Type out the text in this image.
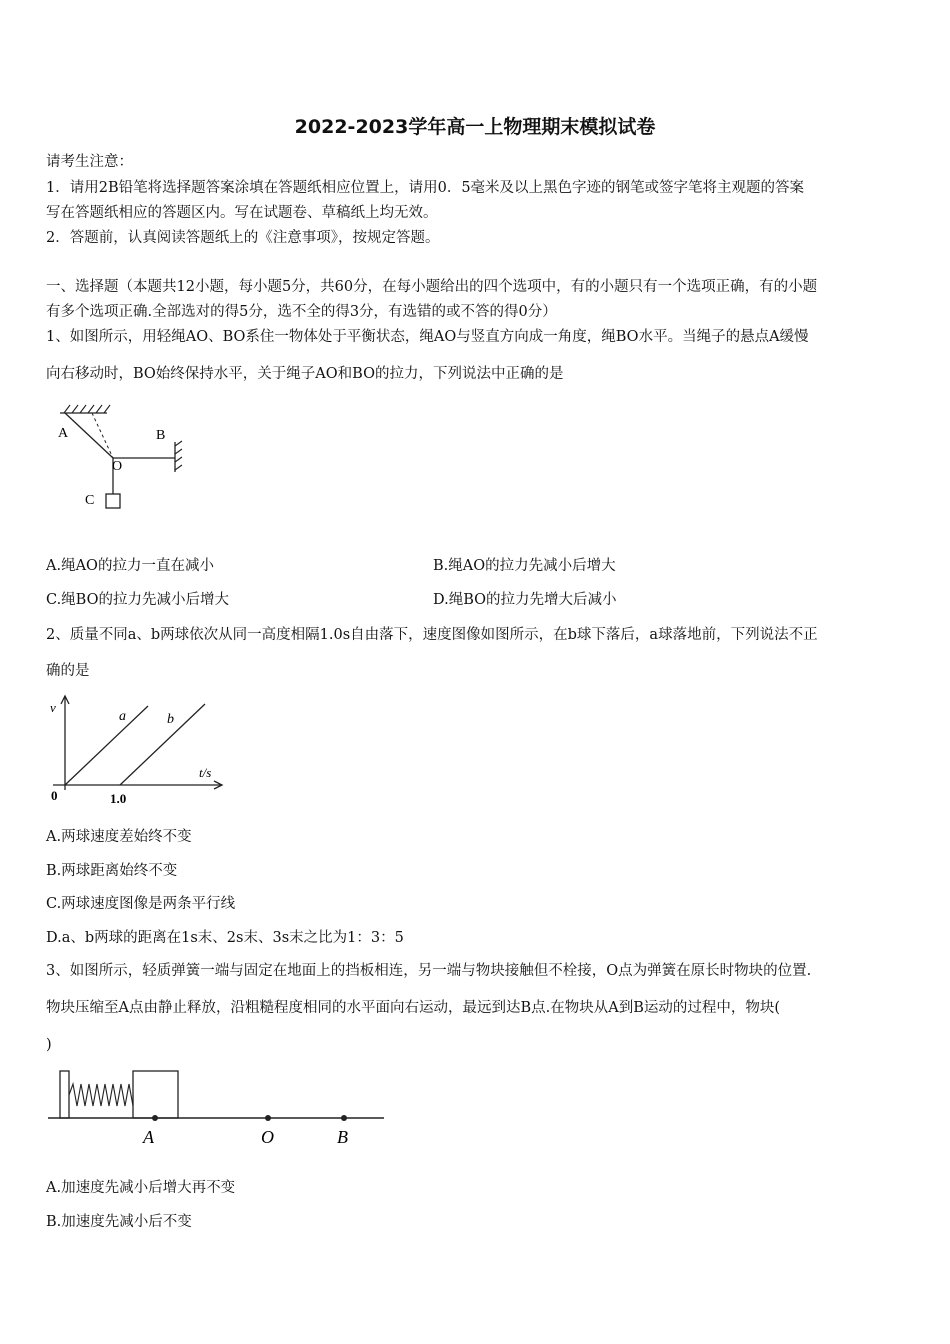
2022-2023学年高一上物理期末模拟试卷
请考生注意：
1．请用2B铅笔将选择题答案涂填在答题纸相应位置上，请用0．5毫米及以上黑色字迹的钢笔或签字笔将主观题的答案
写在答题纸相应的答题区内。写在试题卷、草稿纸上均无效。
2．答题前，认真阅读答题纸上的《注意事项》，按规定答题。
一、选择题（本题共12小题，每小题5分，共60分，在每小题给出的四个选项中，有的小题只有一个选项正确，有的小题
有多个选项正确.全部选对的得5分，选不全的得3分，有选错的或不答的得0分）
1、如图所示，用轻绳AO、BO系住一物体处于平衡状态，绳AO与竖直方向成一角度，绳BO水平。当绳子的悬点A缓慢
向右移动时，BO始终保持水平，关于绳子AO和BO的拉力，下列说法中正确的是
A	B
O
C
A.绳AO的拉力一直在减小	B.绳AO的拉力先减小后增大
C.绳BO的拉力先减小后增大	D.绳BO的拉力先增大后减小
2、质量不同a、b两球依次从同一高度相隔1.0s自由落下，速度图像如图所示，在b球下落后，a球落地前，下列说法不正
确的是
v
t/s
0	1.0
a	b
A.两球速度差始终不变
B.两球距离始终不变
C.两球速度图像是两条平行线
D.a、b两球的距离在1s末、2s末、3s末之比为1：3：5
3、如图所示，轻质弹簧一端与固定在地面上的挡板相连，另一端与物块接触但不栓接，O点为弹簧在原长时物块的位置.
物块压缩至A点由静止释放，沿粗糙程度相同的水平面向右运动，最远到达B点.在物块从A到B运动的过程中，物块(
)
A	O	B
A.加速度先减小后增大再不变
B.加速度先减小后不变
